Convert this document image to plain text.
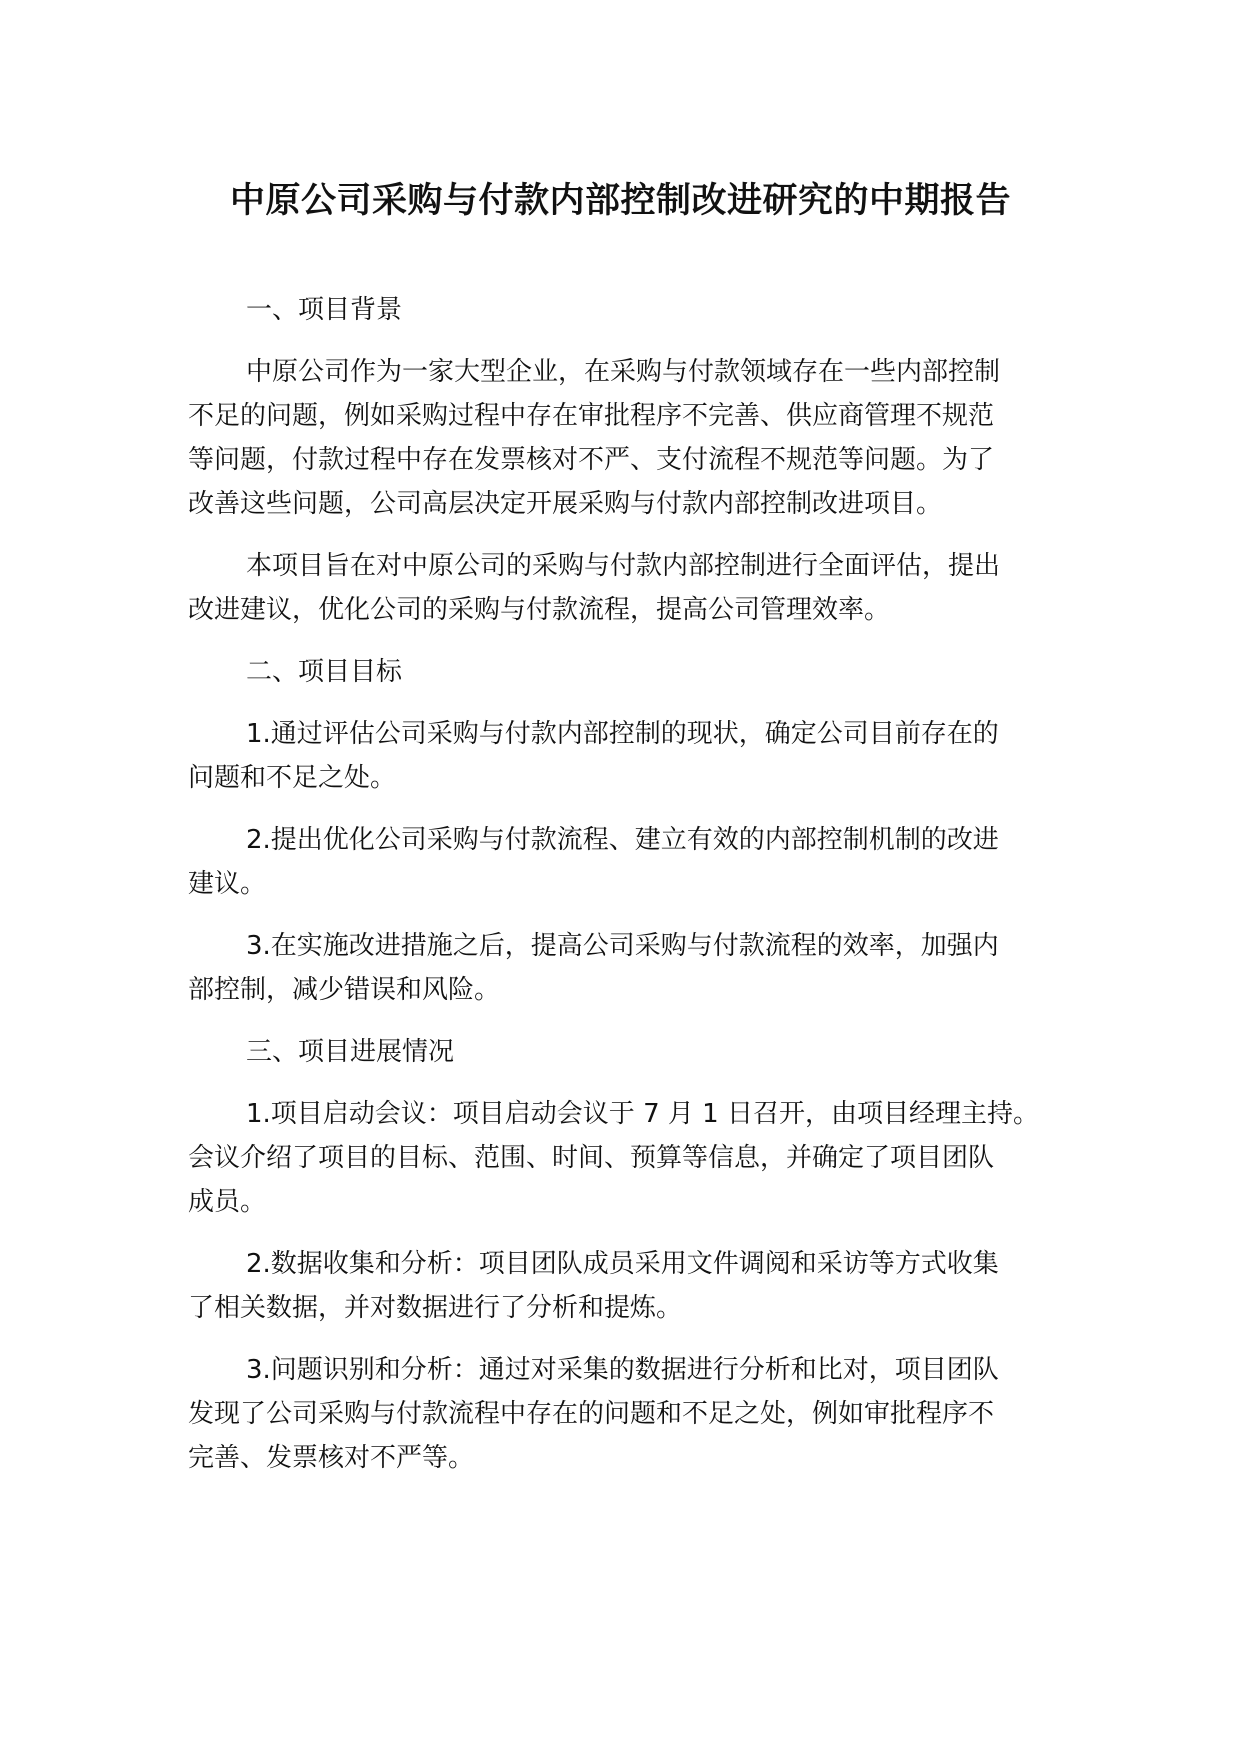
中原公司采购与付款内部控制改进研究的中期报告
一、项目背景
中原公司作为一家大型企业，在采购与付款领域存在一些内部控制
不足的问题，例如采购过程中存在审批程序不完善、供应商管理不规范
等问题，付款过程中存在发票核对不严、支付流程不规范等问题。为了
改善这些问题，公司高层决定开展采购与付款内部控制改进项目。
本项目旨在对中原公司的采购与付款内部控制进行全面评估，提出
改进建议，优化公司的采购与付款流程，提高公司管理效率。
二、项目目标
1.通过评估公司采购与付款内部控制的现状，确定公司目前存在的
问题和不足之处。
2.提出优化公司采购与付款流程、建立有效的内部控制机制的改进
建议。
3.在实施改进措施之后，提高公司采购与付款流程的效率，加强内
部控制，减少错误和风险。
三、项目进展情况
1.项目启动会议：项目启动会议于 7 月 1 日召开，由项目经理主持。
会议介绍了项目的目标、范围、时间、预算等信息，并确定了项目团队
成员。
2.数据收集和分析：项目团队成员采用文件调阅和采访等方式收集
了相关数据，并对数据进行了分析和提炼。
3.问题识别和分析：通过对采集的数据进行分析和比对，项目团队
发现了公司采购与付款流程中存在的问题和不足之处，例如审批程序不
完善、发票核对不严等。
